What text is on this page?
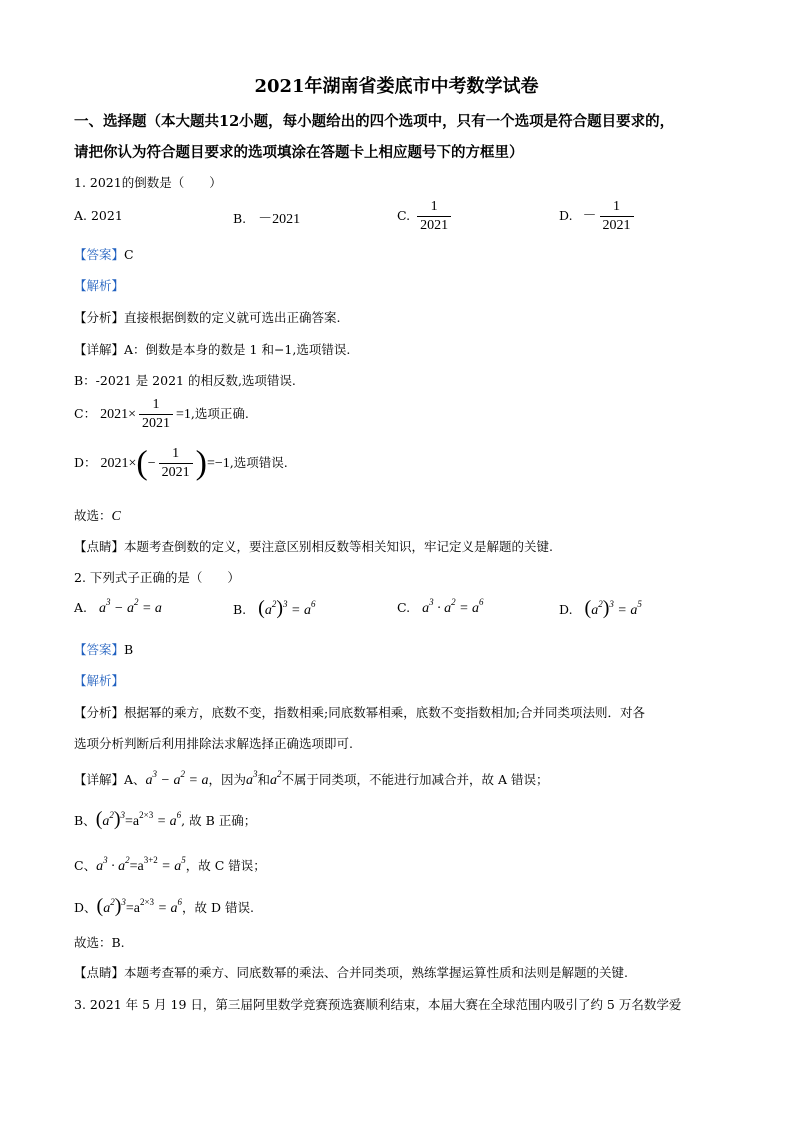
2021年湖南省娄底市中考数学试卷
一、选择题（本大题共12小题，每小题给出的四个选项中，只有一个选项是符合题目要求的，
请把你认为符合题目要求的选项填涂在答题卡上相应题号下的方框里）
1. 2021的倒数是（　　）
A. 2021	B. －2021	C. $\frac{1}{2021}$	D. － $\frac{1}{2021}$
【答案】C
【解析】
【分析】直接根据倒数的定义就可选出正确答案.
【详解】A：倒数是本身的数是 1 和−1,选项错误.
B：-2021 是 2021 的相反数,选项错误.
C： $2021\times \frac{1}{2021} =1$,选项正确.
D： $2021\times(- \frac{1}{2021} )=-1$,选项错误.
故选：C
【点睛】本题考查倒数的定义，要注意区别相反数等相关知识，牢记定义是解题的关键.
2. 下列式子正确的是（　　）
A. $a^3 - a^2 = a$	B. $(a^2)^3 = a^6$	C. $a^3 \cdot a^2 = a^6$	D. $(a^2)^3 = a^5$
【答案】B
【解析】
【分析】根据幂的乘方，底数不变，指数相乘;同底数幂相乘，底数不变指数相加;合并同类项法则．对各
选项分析判断后利用排除法求解选择正确选项即可.
【详解】A、$a^3 - a^2 = a$，因为$a^3$和$a^2$不属于同类项，不能进行加减合并，故 A 错误；
B、$(a^2)^3=a^{2\times 3} = a^6$, 故 B 正确；
C、$a^3 \cdot a^2=a^{3+2} = a^5$，故 C 错误；
D、$(a^2)^3=a^{2\times 3} = a^6$，故 D 错误.
故选：B.
【点睛】本题考查幂的乘方、同底数幂的乘法、合并同类项，熟练掌握运算性质和法则是解题的关键.
3. 2021 年 5 月 19 日，第三届阿里数学竞赛预选赛顺利结束，本届大赛在全球范围内吸引了约 5 万名数学爱
